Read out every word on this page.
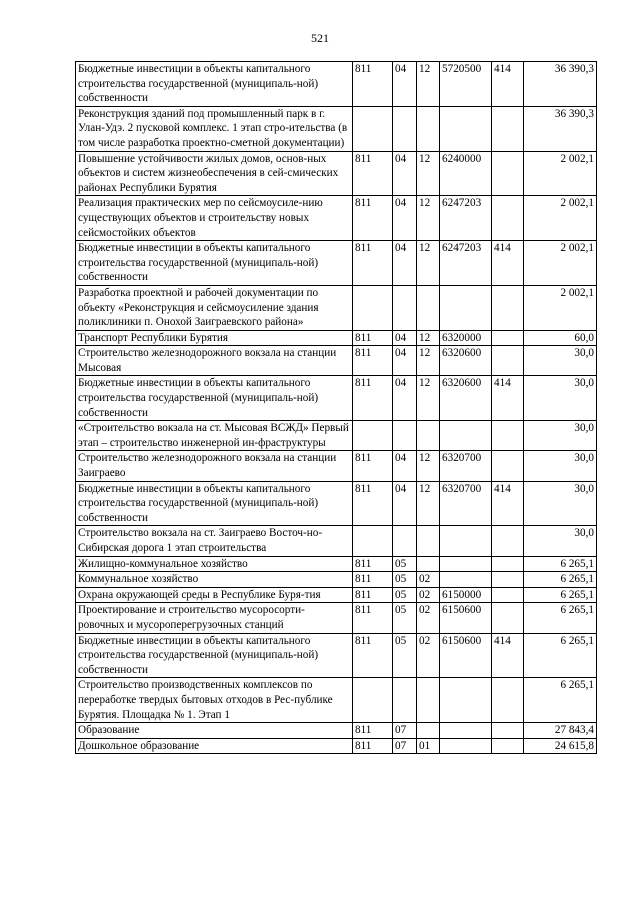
521
Бюджетные инвестиции в объекты капитального строительства государственной (муниципаль-ной) собственности	811	04	12	5720500	414	36 390,3
Реконструкция зданий под промышленный парк в г. Улан-Удэ. 2 пусковой комплекс. 1 этап стро-ительства (в том числе разработка проектно-сметной документации)						36 390,3
Повышение устойчивости жилых домов, основ-ных объектов и систем жизнеобеспечения в сей-смических районах Республики Бурятия	811	04	12	6240000		2 002,1
Реализация практических мер по сейсмоусиле-нию существующих объектов и строительству новых сейсмостойких объектов	811	04	12	6247203		2 002,1
Бюджетные инвестиции в объекты капитального строительства государственной (муниципаль-ной) собственности	811	04	12	6247203	414	2 002,1
Разработка проектной и рабочей документации по объекту «Реконструкция и сейсмоусиление здания поликлиники п. Онохой Заиграевского района»						2 002,1
Транспорт Республики Бурятия	811	04	12	6320000		60,0
Строительство железнодорожного вокзала на станции Мысовая	811	04	12	6320600		30,0
Бюджетные инвестиции в объекты капитального строительства государственной (муниципаль-ной) собственности	811	04	12	6320600	414	30,0
«Строительство вокзала на ст. Мысовая ВСЖД» Первый этап – строительство инженерной ин-фраструктуры						30,0
Строительство железнодорожного вокзала на станции Заиграево	811	04	12	6320700		30,0
Бюджетные инвестиции в объекты капитального строительства государственной (муниципаль-ной) собственности	811	04	12	6320700	414	30,0
Строительство вокзала на ст. Заиграево Восточ-но-Сибирская дорога 1 этап строительства						30,0
Жилищно-коммунальное хозяйство	811	05				6 265,1
Коммунальное хозяйство	811	05	02			6 265,1
Охрана окружающей среды в Республике Буря-тия	811	05	02	6150000		6 265,1
Проектирование и строительство мусоросорти-ровочных и мусороперегрузочных станций	811	05	02	6150600		6 265,1
Бюджетные инвестиции в объекты капитального строительства государственной (муниципаль-ной) собственности	811	05	02	6150600	414	6 265,1
Строительство производственных комплексов по переработке твердых бытовых отходов в Рес-публике Бурятия. Площадка № 1. Этап 1						6 265,1
Образование	811	07				27 843,4
Дошкольное образование	811	07	01			24 615,8
